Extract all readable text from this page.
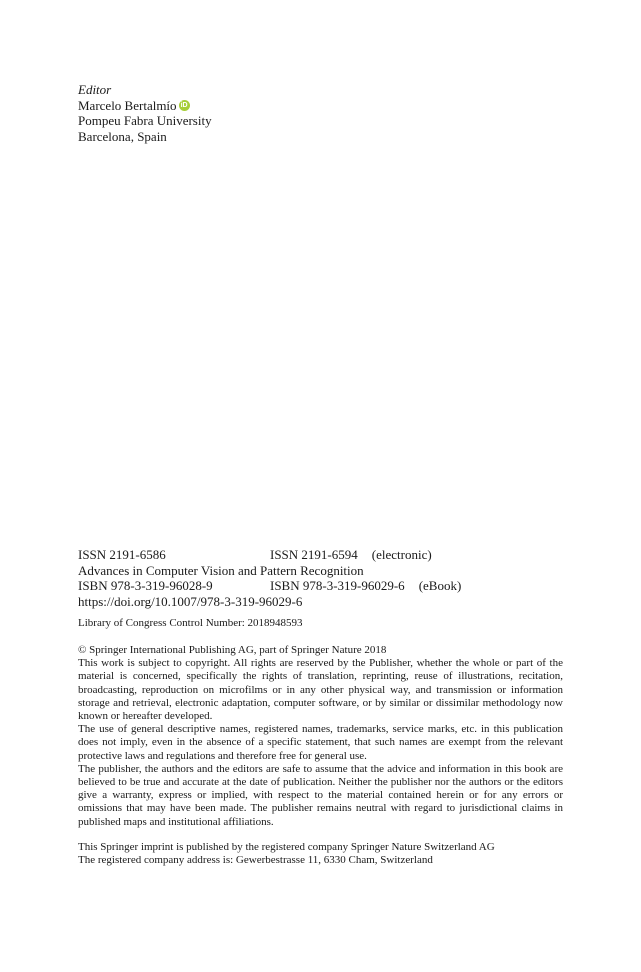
Editor
Marcelo Bertalmío iD
Pompeu Fabra University
Barcelona, Spain
ISSN 2191-6586	ISSN 2191-6594 (electronic)
Advances in Computer Vision and Pattern Recognition
ISBN 978-3-319-96028-9	ISBN 978-3-319-96029-6 (eBook)
https://doi.org/10.1007/978-3-319-96029-6
Library of Congress Control Number: 2018948593

© Springer International Publishing AG, part of Springer Nature 2018

This work is subject to copyright. All rights are reserved by the Publisher, whether the whole or part of the material is concerned, specifically the rights of translation, reprinting, reuse of illustrations, recitation, broadcasting, reproduction on microfilms or in any other physical way, and transmission or information storage and retrieval, electronic adaptation, computer software, or by similar or dissimilar methodology now known or hereafter developed.

The use of general descriptive names, registered names, trademarks, service marks, etc. in this publication does not imply, even in the absence of a specific statement, that such names are exempt from the relevant protective laws and regulations and therefore free for general use.

The publisher, the authors and the editors are safe to assume that the advice and information in this book are believed to be true and accurate at the date of publication. Neither the publisher nor the authors or the editors give a warranty, express or implied, with respect to the material contained herein or for any errors or omissions that may have been made. The publisher remains neutral with regard to jurisdictional claims in published maps and institutional affiliations.

This Springer imprint is published by the registered company Springer Nature Switzerland AG

The registered company address is: Gewerbestrasse 11, 6330 Cham, Switzerland
